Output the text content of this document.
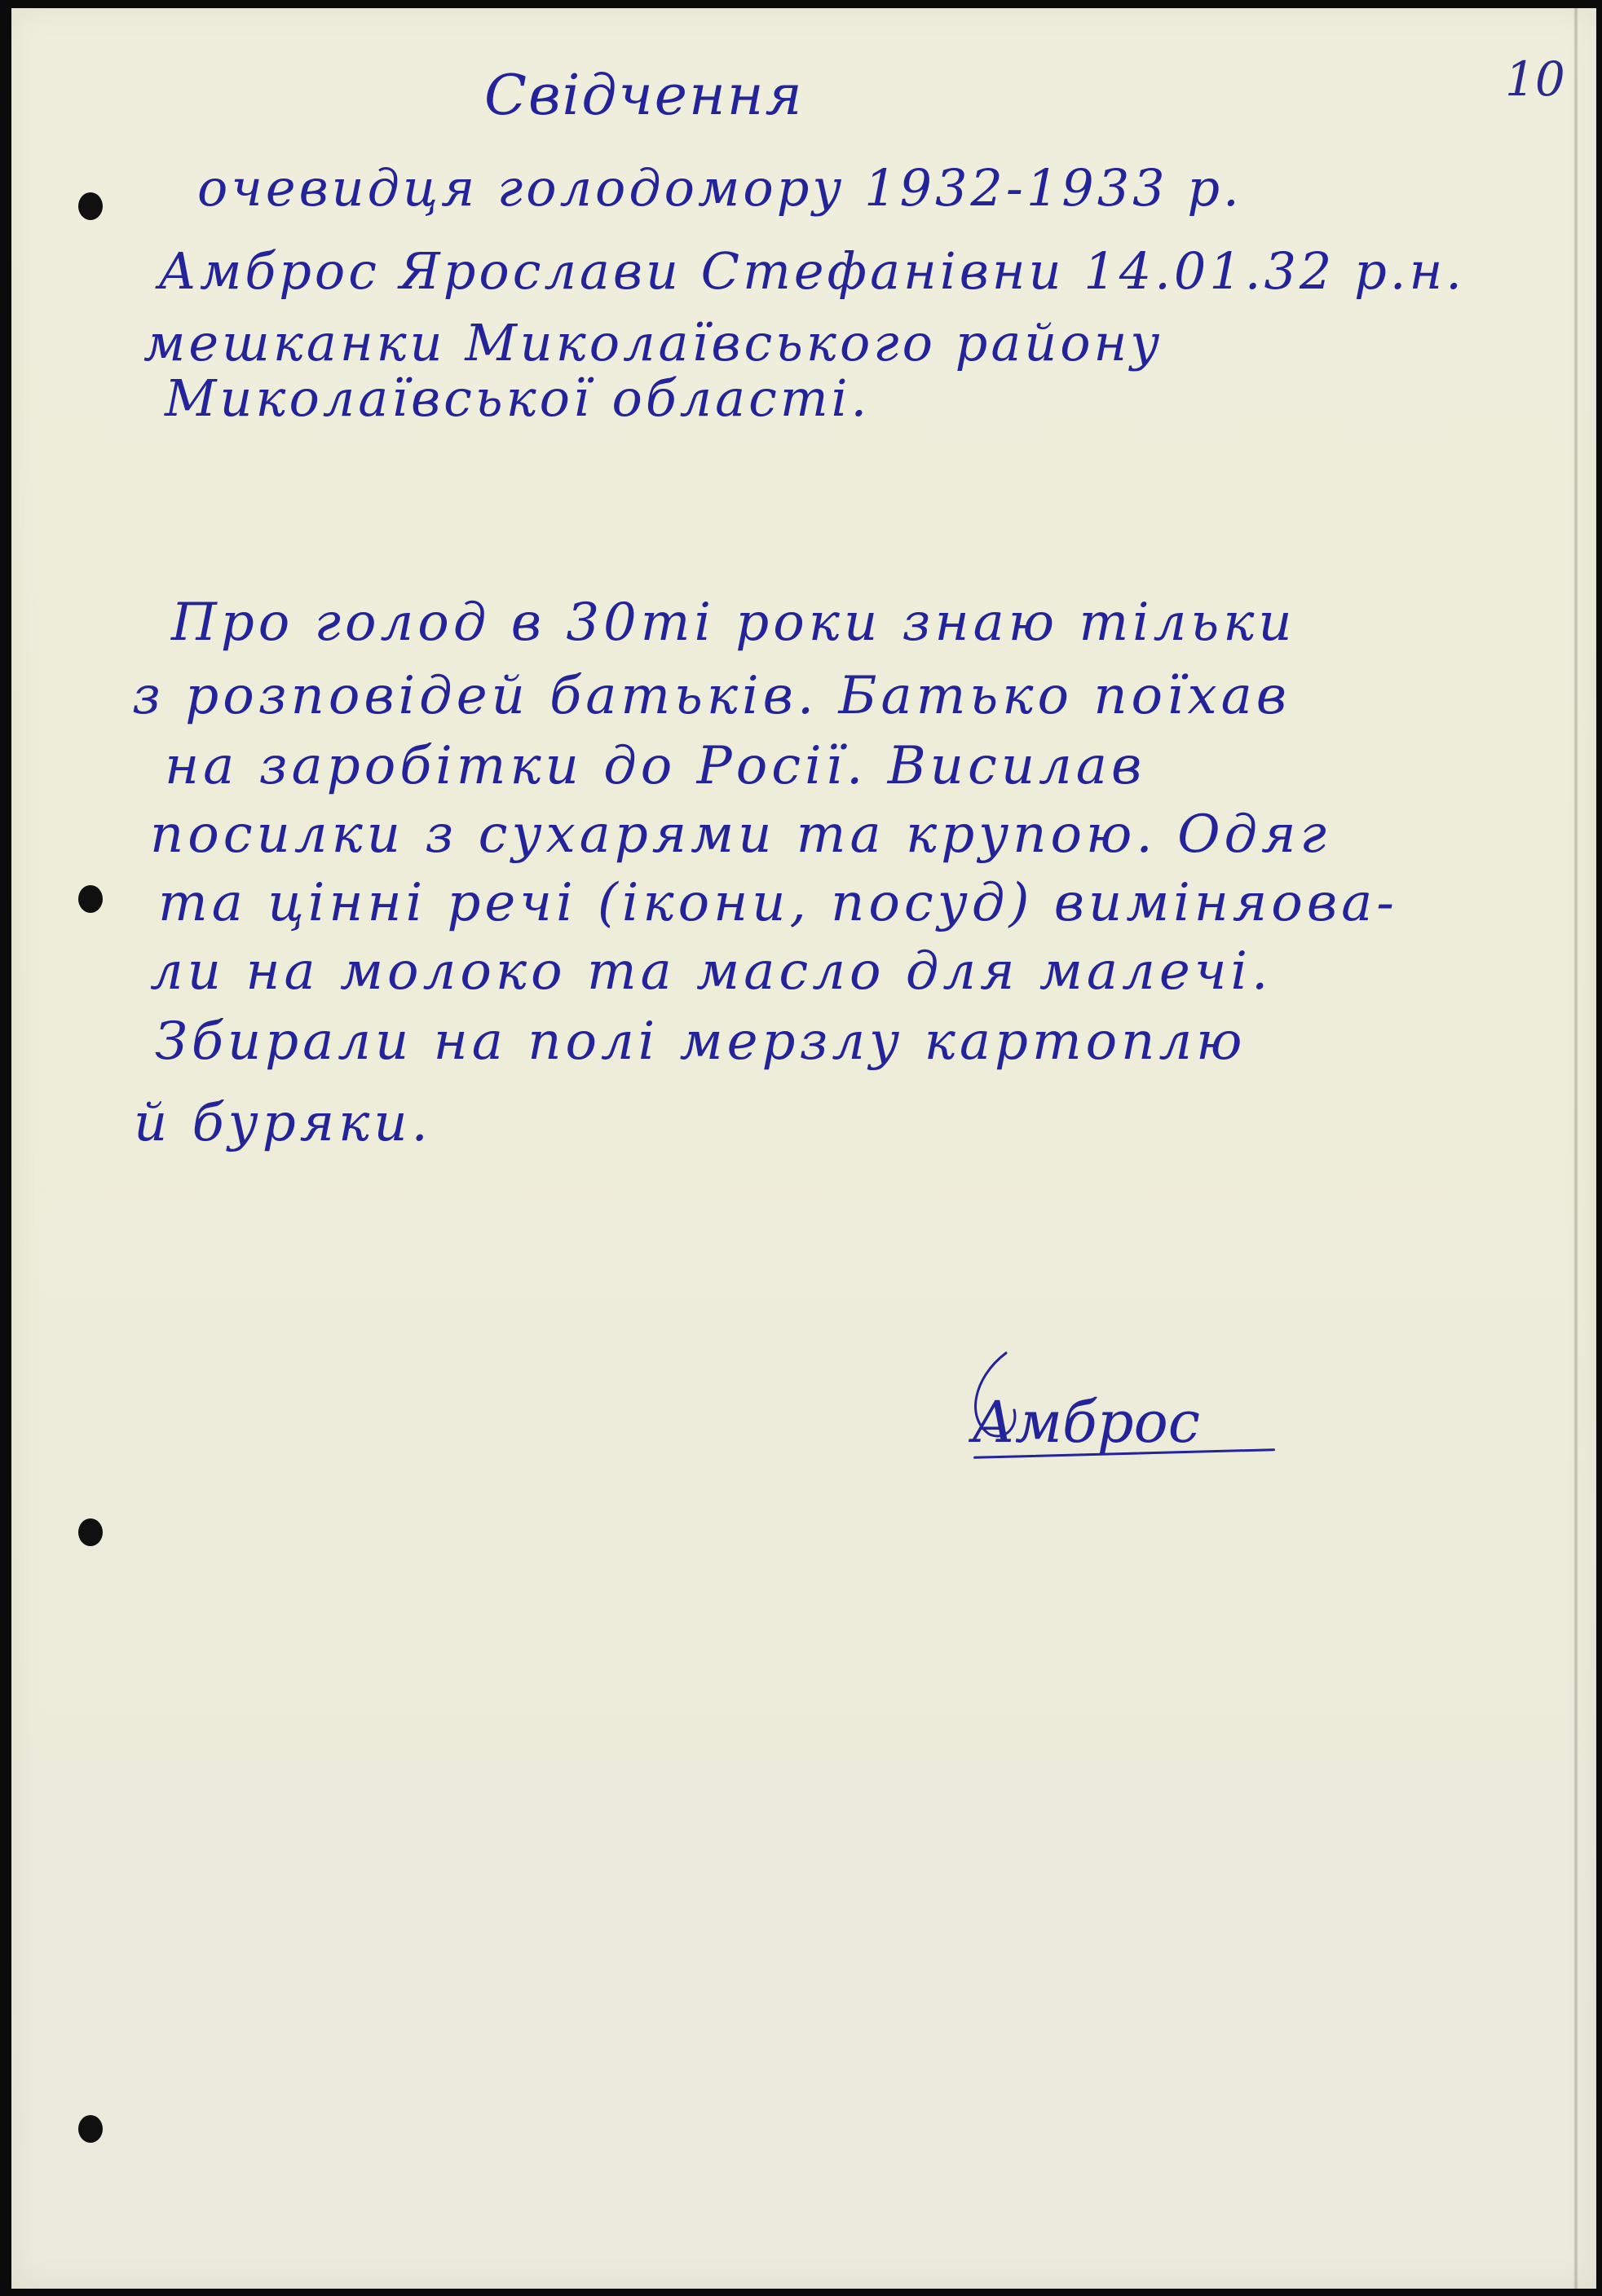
10
Свідчення
очевидця голодомору 1932-1933 р.
Амброс Ярослави Стефанівни 14.01.32 р.н.
мешканки Миколаївського району
Миколаївської області.
Про голод в 30ті роки знаю тільки
з розповідей батьків. Батько поїхав
на заробітки до Росії. Висилав
посилки з сухарями та крупою. Одяг
та цінні речі (ікони, посуд) виміняова-
ли на молоко та масло для малечі.
Збирали на полі мерзлу картоплю
й буряки.
Амброс
